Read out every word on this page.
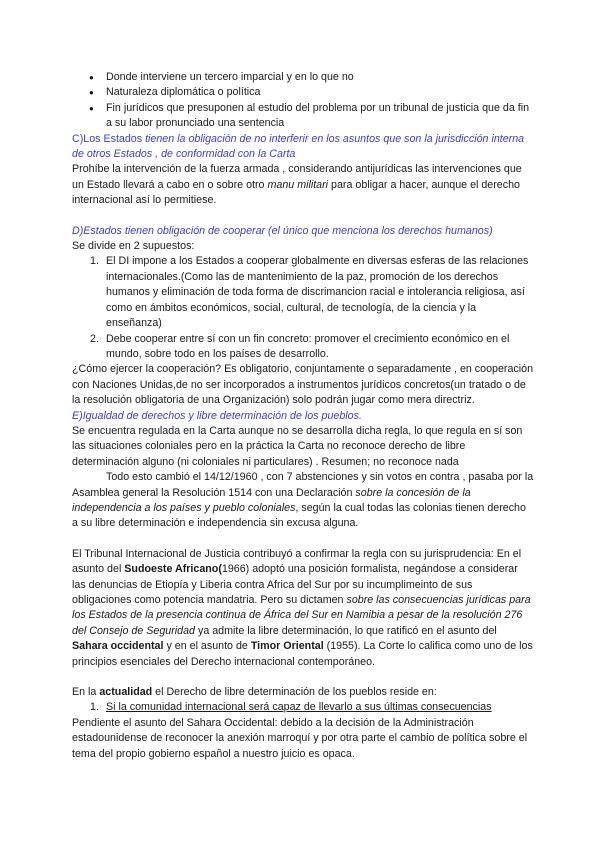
● Donde interviene un tercero imparcial y en lo que no
● Naturaleza diplomática o política
● Fin jurídicos que presuponen al estudio del problema por un tribunal de justicia que da fin a su labor pronunciado una sentencia

C)Los Estados tienen la obligación de no interferir en los asuntos que son la jurisdicción interna de otros Estados , de conformidad con la Carta

Prohíbe la intervención de la fuerza armada , considerando antijurídicas las intervenciones que un Estado llevará a cabo en o sobre otro manu militari para obligar a hacer, aunque el derecho internacional así lo permitiese.

D)Estados tienen obligación de cooperar (el único que menciona los derechos humanos)

Se divide en 2 supuestos:

1. El DI impone a los Estados a cooperar globalmente en diversas esferas de las relaciones internacionales.(Como las de mantenimiento de la paz, promoción de los derechos humanos y eliminación de toda forma de discrimancion racial e intolerancia religiosa, así como en ámbitos económicos, social, cultural, de tecnología, de la ciencia y la enseñanza)
2. Debe cooperar entre sí con un fin concreto: promover el crecimiento económico en el mundo, sobre todo en los países de desarrollo.

¿Cómo ejercer la cooperación? Es obligatorio, conjuntamente o separadamente , en cooperación con Naciones Unidas,de no ser incorporados a instrumentos jurídicos concretos(un tratado o de la resolución obligatoria de una Organización) solo podrán jugar como mera directriz.

E)Igualdad de derechos y libre determinación de los pueblos.

Se encuentra regulada en la Carta aunque no se desarrolla dicha regla, lo que regula en sí son las situaciones coloniales pero en la práctica la Carta no reconoce derecho de libre determinación alguno (ni coloniales ni particulares) . Resumen; no reconoce nada

Todo esto cambió el 14/12/1960 , con 7 abstenciones y sin votos en contra , pasaba por la Asamblea general la Resolución 1514 con una Declaración sobre la concesión de la independencia a los países y pueblo coloniales, según la cual todas las colonias tienen derecho a su libre determinación e independencia sin excusa alguna.

El Tribunal Internacional de Justicia contribuyó a confirmar la regla con su jurisprudencia: En el asunto del Sudoeste Africano(1966) adoptó una posición formalista, negándose a considerar las denuncias de Etiopía y Liberia contra Africa del Sur por su incumplimeinto de sus obligaciones como potencia mandatria. Pero su dictamen sobre las consecuencias jurídicas para los Estados de la presencia continua de África del Sur en Namibia a pesar de la resolución 276 del Consejo de Seguridad ya admite la libre determinación, lo que ratificó en el asunto del Sahara occidental y en el asunto de Timor Oriental (1955). La Corte lo califica como uno de los principios esenciales del Derecho internacional contemporáneo.

En la actualidad el Derecho de libre determinación de los pueblos reside en:

1. Si la comunidad internacional será capaz de llevarlo a sus últimas consecuencias

Pendiente el asunto del Sahara Occidental: debido a la decisión de la Administración estadounidense de reconocer la anexión marroquí y por otra parte el cambio de política sobre el tema del propio gobierno español a nuestro juicio es opaca.
